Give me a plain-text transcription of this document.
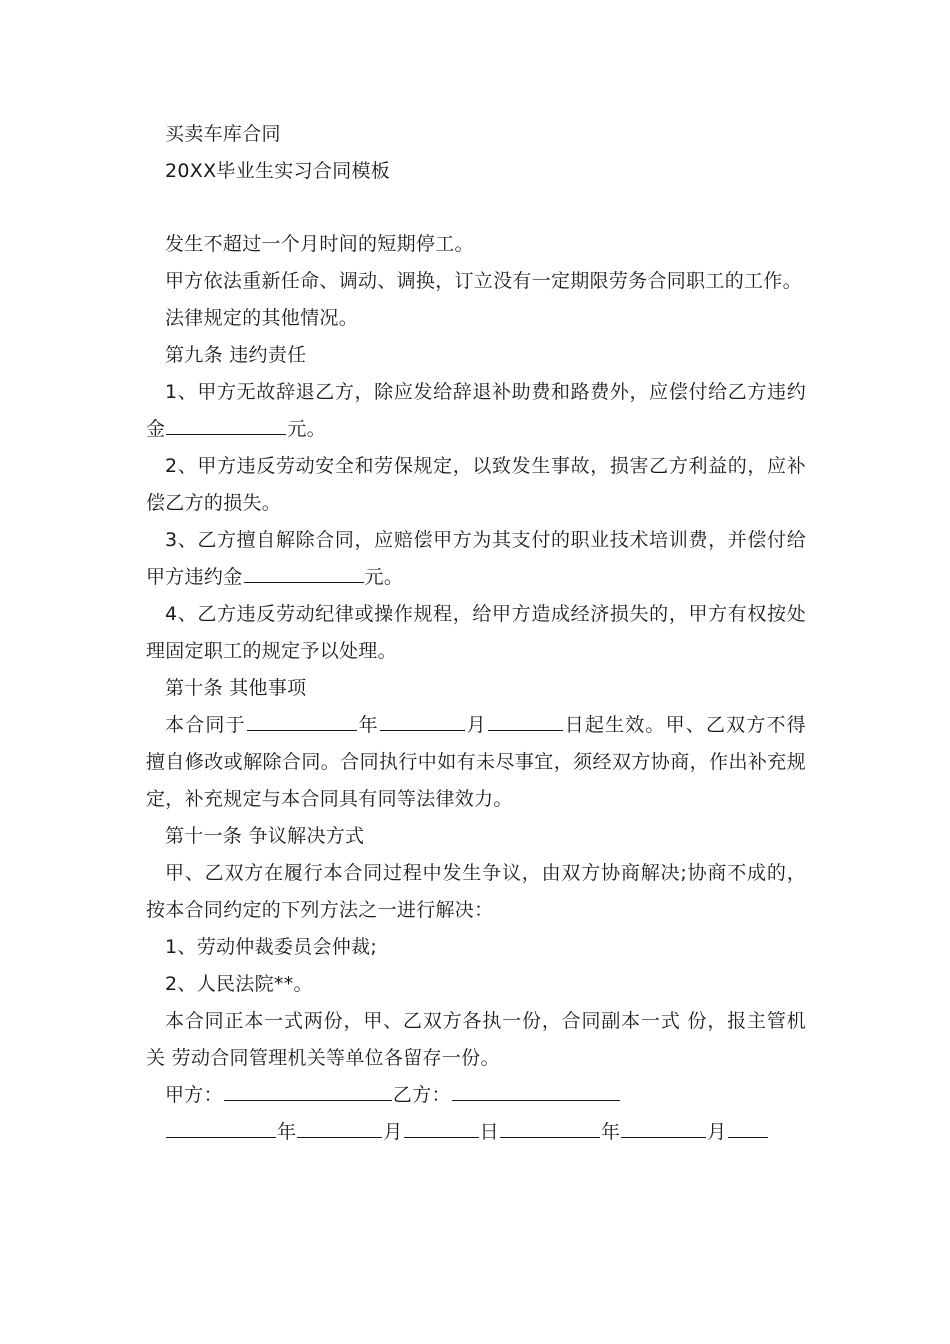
买卖车库合同

20XX毕业生实习合同模板

发生不超过一个月时间的短期停工。

甲方依法重新任命、调动、调换，订立没有一定期限劳务合同职工的工作。

法律规定的其他情况。

第九条 违约责任

1、甲方无故辞退乙方，除应发给辞退补助费和路费外，应偿付给乙方违约金	元。

2、甲方违反劳动安全和劳保规定，以致发生事故，损害乙方利益的，应补偿乙方的损失。

3、乙方擅自解除合同，应赔偿甲方为其支付的职业技术培训费，并偿付给甲方违约金	元。

4、乙方违反劳动纪律或操作规程，给甲方造成经济损失的，甲方有权按处理固定职工的规定予以处理。

第十条 其他事项

本合同于	年	月	日起生效。甲、乙双方不得擅自修改或解除合同。合同执行中如有未尽事宜，须经双方协商，作出补充规定，补充规定与本合同具有同等法律效力。

第十一条 争议解决方式

甲、乙双方在履行本合同过程中发生争议，由双方协商解决;协商不成的，按本合同约定的下列方法之一进行解决：

1、劳动仲裁委员会仲裁;

2、人民法院**。

本合同正本一式两份，甲、乙双方各执一份，合同副本一式 份，报主管机关 劳动合同管理机关等单位各留存一份。

甲方：	乙方：

年	月	日	年	月
